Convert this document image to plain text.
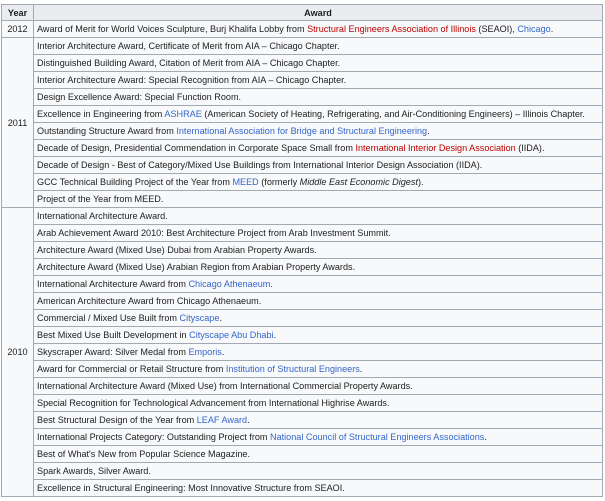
Year	Award
2012	Award of Merit for World Voices Sculpture, Burj Khalifa Lobby from Structural Engineers Association of Illinois (SEAOI), Chicago.
2011	Interior Architecture Award, Certificate of Merit from AIA – Chicago Chapter.
	Distinguished Building Award, Citation of Merit from AIA – Chicago Chapter.
	Interior Architecture Award: Special Recognition from AIA – Chicago Chapter.
	Design Excellence Award: Special Function Room.
	Excellence in Engineering from ASHRAE (American Society of Heating, Refrigerating, and Air-Conditioning Engineers) – Illinois Chapter.
	Outstanding Structure Award from International Association for Bridge and Structural Engineering.
	Decade of Design, Presidential Commendation in Corporate Space Small from International Interior Design Association (IIDA).
	Decade of Design - Best of Category/Mixed Use Buildings from International Interior Design Association (IIDA).
	GCC Technical Building Project of the Year from MEED (formerly Middle East Economic Digest).
	Project of the Year from MEED.
2010	International Architecture Award.
	Arab Achievement Award 2010: Best Architecture Project from Arab Investment Summit.
	Architecture Award (Mixed Use) Dubai from Arabian Property Awards.
	Architecture Award (Mixed Use) Arabian Region from Arabian Property Awards.
	International Architecture Award from Chicago Athenaeum.
	American Architecture Award from Chicago Athenaeum.
	Commercial / Mixed Use Built from Cityscape.
	Best Mixed Use Built Development in Cityscape Abu Dhabi.
	Skyscraper Award: Silver Medal from Emporis.
	Award for Commercial or Retail Structure from Institution of Structural Engineers.
	International Architecture Award (Mixed Use) from International Commercial Property Awards.
	Special Recognition for Technological Advancement from International Highrise Awards.
	Best Structural Design of the Year from LEAF Award.
	International Projects Category: Outstanding Project from National Council of Structural Engineers Associations.
	Best of What's New from Popular Science Magazine.
	Spark Awards, Silver Award.
	Excellence in Structural Engineering: Most Innovative Structure from SEAOI.
